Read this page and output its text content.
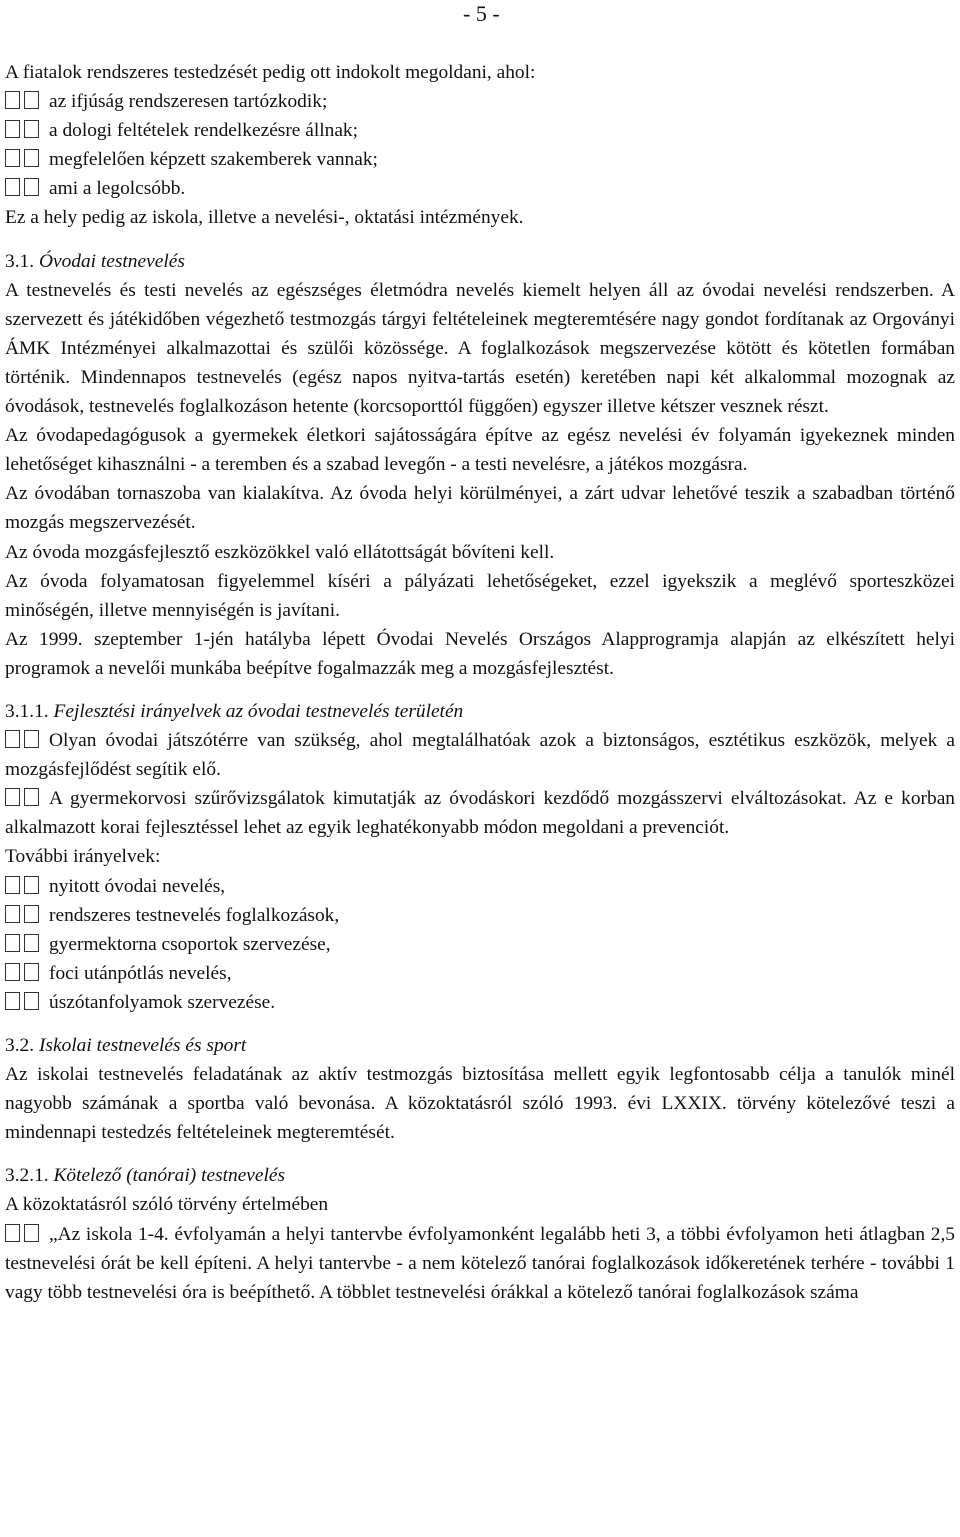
- 5 -

A fiatalok rendszeres testedzését pedig ott indokolt megoldani, ahol:

az ifjúság rendszeresen tartózkodik;
a dologi feltételek rendelkezésre állnak;
megfelelően képzett szakemberek vannak;
ami a legolcsóbb.

Ez a hely pedig az iskola, illetve a nevelési-, oktatási intézmények.

3.1. Óvodai testnevelés

A testnevelés és testi nevelés az egészséges életmódra nevelés kiemelt helyen áll az óvodai nevelési rendszerben. A szervezett és játékidőben végezhető testmozgás tárgyi feltételeinek megteremtésére nagy gondot fordítanak az Orgoványi ÁMK Intézményei alkalmazottai és szülői közössége. A foglalkozások megszervezése kötött és kötetlen formában történik. Mindennapos testnevelés (egész napos nyitva-tartás esetén) keretében napi két alkalommal mozognak az óvodások, testnevelés foglalkozáson hetente (korcsoporttól függően) egyszer illetve kétszer vesznek részt.

Az óvodapedagógusok a gyermekek életkori sajátosságára építve az egész nevelési év folyamán igyekeznek minden lehetőséget kihasználni - a teremben és a szabad levegőn - a testi nevelésre, a játékos mozgásra.

Az óvodában tornaszoba van kialakítva. Az óvoda helyi körülményei, a zárt udvar lehetővé teszik a szabadban történő mozgás megszervezését.

Az óvoda mozgásfejlesztő eszközökkel való ellátottságát bővíteni kell.

Az óvoda folyamatosan figyelemmel kíséri a pályázati lehetőségeket, ezzel igyekszik a meglévő sporteszközei minőségén, illetve mennyiségén is javítani.

Az 1999. szeptember 1-jén hatályba lépett Óvodai Nevelés Országos Alapprogramja alapján az elkészített helyi programok a nevelői munkába beépítve fogalmazzák meg a mozgásfejlesztést.

3.1.1. Fejlesztési irányelvek az óvodai testnevelés területén

Olyan óvodai játszótérre van szükség, ahol megtalálhatóak azok a biztonságos, esztétikus eszközök, melyek a mozgásfejlődést segítik elő.

A gyermekorvosi szűrővizsgálatok kimutatják az óvodáskori kezdődő mozgásszervi elváltozásokat. Az e korban alkalmazott korai fejlesztéssel lehet az egyik leghatékonyabb módon megoldani a prevenciót.

További irányelvek:

nyitott óvodai nevelés,
rendszeres testnevelés foglalkozások,
gyermektorna csoportok szervezése,
foci utánpótlás nevelés,
úszótanfolyamok szervezése.

3.2. Iskolai testnevelés és sport

Az iskolai testnevelés feladatának az aktív testmozgás biztosítása mellett egyik legfontosabb célja a tanulók minél nagyobb számának a sportba való bevonása. A közoktatásról szóló 1993. évi LXXIX. törvény kötelezővé teszi a mindennapi testedzés feltételeinek megteremtését.

3.2.1. Kötelező (tanórai) testnevelés

A közoktatásról szóló törvény értelmében

„Az iskola 1-4. évfolyamán a helyi tantervbe évfolyamonként legalább heti 3, a többi évfolyamon heti átlagban 2,5 testnevelési órát be kell építeni. A helyi tantervbe - a nem kötelező tanórai foglalkozások időkeretének terhére - további 1 vagy több testnevelési óra is beépíthető. A többlet testnevelési órákkal a kötelező tanórai foglalkozások száma
